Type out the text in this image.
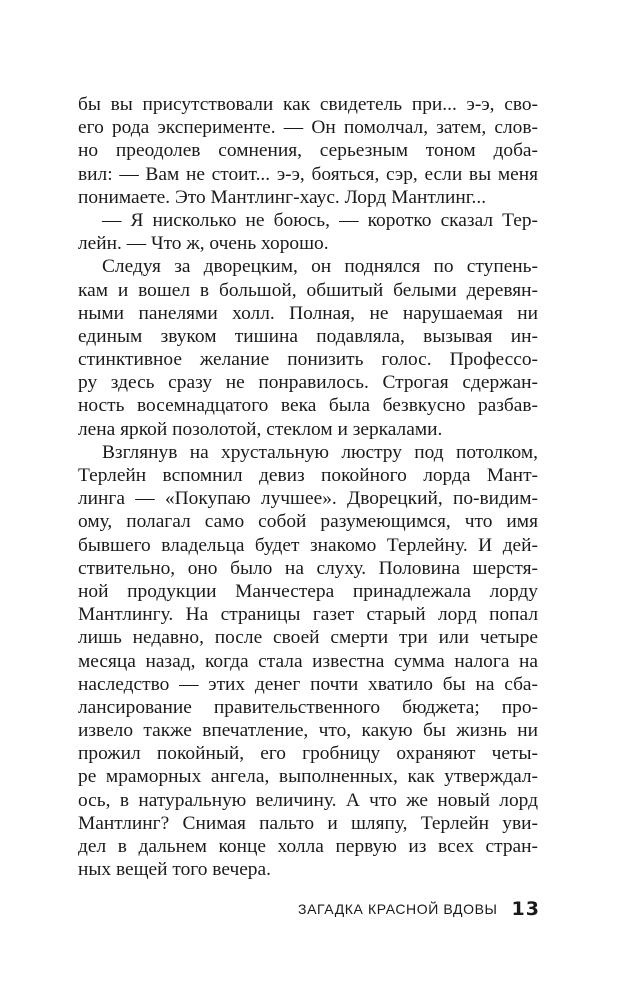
бы вы присутствовали как свидетель при... э-э, сво-
его рода эксперименте. — Он помолчал, затем, слов-
но преодолев сомнения, серьезным тоном доба-
вил: — Вам не стоит... э-э, бояться, сэр, если вы меня
понимаете. Это Мантлинг-хаус. Лорд Мантлинг...
— Я нисколько не боюсь, — коротко сказал Тер-
лейн. — Что ж, очень хорошо.
Следуя за дворецким, он поднялся по ступень-
кам и вошел в большой, обшитый белыми деревян-
ными панелями холл. Полная, не нарушаемая ни
единым звуком тишина подавляла, вызывая ин-
стинктивное желание понизить голос. Профессо-
ру здесь сразу не понравилось. Строгая сдержан-
ность восемнадцатого века была безвкусно разбав-
лена яркой позолотой, стеклом и зеркалами.
Взглянув на хрустальную люстру под потолком,
Терлейн вспомнил девиз покойного лорда Мант-
линга — «Покупаю лучшее». Дворецкий, по-видим-
ому, полагал само собой разумеющимся, что имя
бывшего владельца будет знакомо Терлейну. И дей-
ствительно, оно было на слуху. Половина шерстя-
ной продукции Манчестера принадлежала лорду
Мантлингу. На страницы газет старый лорд попал
лишь недавно, после своей смерти три или четыре
месяца назад, когда стала известна сумма налога на
наследство — этих денег почти хватило бы на сба-
лансирование правительственного бюджета; про-
извело также впечатление, что, какую бы жизнь ни
прожил покойный, его гробницу охраняют четы-
ре мраморных ангела, выполненных, как утверждал-
ось, в натуральную величину. А что же новый лорд
Мантлинг? Снимая пальто и шляпу, Терлейн уви-
дел в дальнем конце холла первую из всех стран-
ных вещей того вечера.
ЗАГАДКА КРАСНОЙ ВДОВЫ 13
